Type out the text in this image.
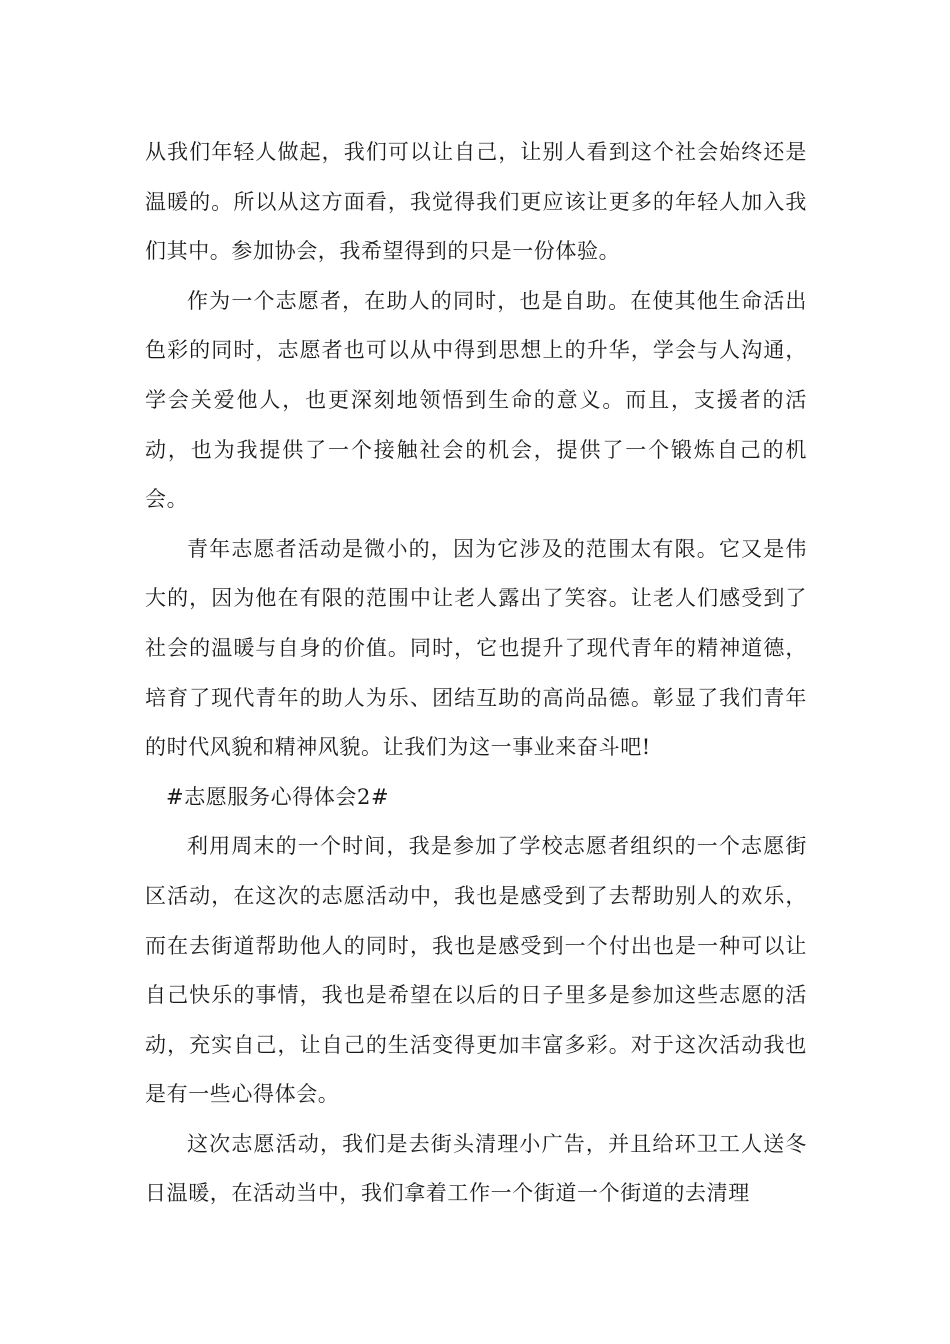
从我们年轻人做起，我们可以让自己，让别人看到这个社会始终还是温暖的。所以从这方面看，我觉得我们更应该让更多的年轻人加入我们其中。参加协会，我希望得到的只是一份体验。

作为一个志愿者，在助人的同时，也是自助。在使其他生命活出色彩的同时，志愿者也可以从中得到思想上的升华，学会与人沟通，学会关爱他人，也更深刻地领悟到生命的意义。而且，支援者的活动，也为我提供了一个接触社会的机会，提供了一个锻炼自己的机会。

青年志愿者活动是微小的，因为它涉及的范围太有限。它又是伟大的，因为他在有限的范围中让老人露出了笑容。让老人们感受到了社会的温暖与自身的价值。同时，它也提升了现代青年的精神道德，培育了现代青年的助人为乐、团结互助的高尚品德。彰显了我们青年的时代风貌和精神风貌。让我们为这一事业来奋斗吧!

#志愿服务心得体会2#

利用周末的一个时间，我是参加了学校志愿者组织的一个志愿街区活动，在这次的志愿活动中，我也是感受到了去帮助别人的欢乐，而在去街道帮助他人的同时，我也是感受到一个付出也是一种可以让自己快乐的事情，我也是希望在以后的日子里多是参加这些志愿的活动，充实自己，让自己的生活变得更加丰富多彩。对于这次活动我也是有一些心得体会。

这次志愿活动，我们是去街头清理小广告，并且给环卫工人送冬日温暖，在活动当中，我们拿着工作一个街道一个街道的去清理
